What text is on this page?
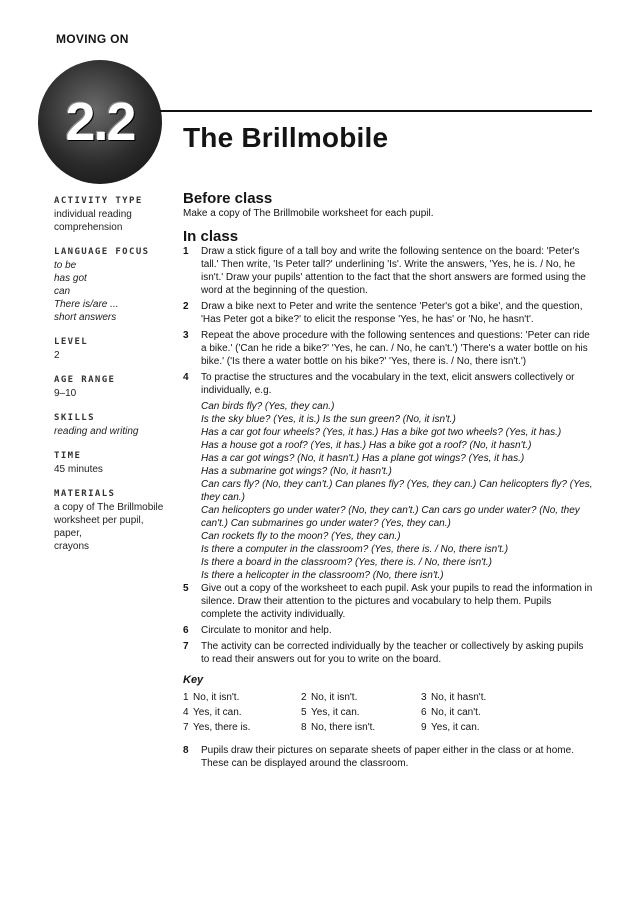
MOVING ON
2.2	The Brillmobile
ACTIVITY TYPE
individual reading
comprehension
LANGUAGE FOCUS
to be
has got
can
There is/are ...
short answers
LEVEL
2
AGE RANGE
9–10
SKILLS
reading and writing
TIME
45 minutes
MATERIALS
a copy of The Brillmobile
worksheet per pupil, paper,
crayons
Before class

Make a copy of The Brillmobile worksheet for each pupil.

In class
1 Draw a stick figure of a tall boy and write the following sentence on the board: 'Peter's tall.' Then write, 'Is Peter tall?' underlining 'Is'. Write the answers, 'Yes, he is. / No, he isn't.' Draw your pupils' attention to the fact that the short answers are formed using the word at the beginning of the question.
2 Draw a bike next to Peter and write the sentence 'Peter's got a bike', and the question, 'Has Peter got a bike?' to elicit the response 'Yes, he has' or 'No, he hasn't'.
3 Repeat the above procedure with the following sentences and questions: 'Peter can ride a bike.' ('Can he ride a bike?' 'Yes, he can. / No, he can't.') 'There's a water bottle on his bike.' ('Is there a water bottle on his bike?' 'Yes, there is. / No, there isn't.')
4 To practise the structures and the vocabulary in the text, elicit answers collectively or individually, e.g.
Can birds fly? (Yes, they can.)
Is the sky blue? (Yes, it is.) Is the sun green? (No, it isn't.)
Has a car got four wheels? (Yes, it has.) Has a bike got two wheels? (Yes, it has.)
Has a house got a roof? (Yes, it has.) Has a bike got a roof? (No, it hasn't.)
Has a car got wings? (No, it hasn't.) Has a plane got wings? (Yes, it has.)
Has a submarine got wings? (No, it hasn't.)
Can cars fly? (No, they can't.) Can planes fly? (Yes, they can.) Can helicopters fly? (Yes, they can.)
Can helicopters go under water? (No, they can't.) Can cars go under water? (No, they can't.) Can submarines go under water? (Yes, they can.)
Can rockets fly to the moon? (Yes, they can.)
Is there a computer in the classroom? (Yes, there is. / No, there isn't.)
Is there a board in the classroom? (Yes, there is. / No, there isn't.)
Is there a helicopter in the classroom? (No, there isn't.)
5 Give out a copy of the worksheet to each pupil. Ask your pupils to read the information in silence. Draw their attention to the pictures and vocabulary to help them. Pupils complete the activity individually.
6 Circulate to monitor and help.
7 The activity can be corrected individually by the teacher or collectively by asking pupils to read their answers out for you to write on the board.
Key
1 No, it isn't.	2 No, it isn't.	3 No, it hasn't.
4 Yes, it can.	5 Yes, it can.	6 No, it can't.
7 Yes, there is.	8 No, there isn't.	9 Yes, it can.
8 Pupils draw their pictures on separate sheets of paper either in the class or at home. These can be displayed around the classroom.
